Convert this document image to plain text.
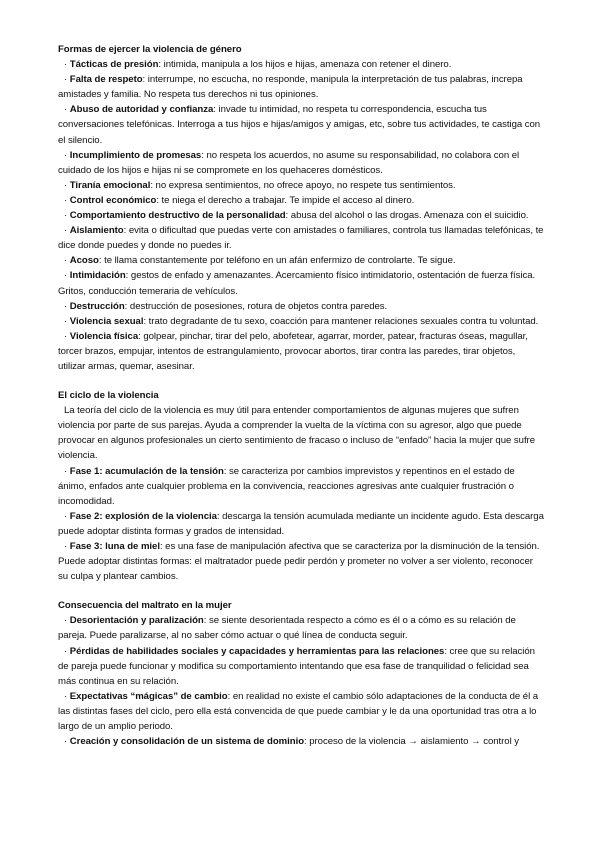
Formas de ejercer la violencia de género

· Tácticas de presión: intimida, manipula a los hijos e hijas, amenaza con retener el dinero.

· Falta de respeto: interrumpe, no escucha, no responde, manipula la interpretación de tus palabras, increpa amistades y familia. No respeta tus derechos ni tus opiniones.

· Abuso de autoridad y confianza: invade tu intimidad, no respeta tu correspondencia, escucha tus conversaciones telefónicas. Interroga a tus hijos e hijas/amigos y amigas, etc, sobre tus actividades, te castiga con el silencio.

· Incumplimiento de promesas: no respeta los acuerdos, no asume su responsabilidad, no colabora con el cuidado de los hijos e hijas ni se compromete en los quehaceres domésticos.

· Tiranía emocional: no expresa sentimientos, no ofrece apoyo, no respete tus sentimientos.

· Control económico: te niega el derecho a trabajar. Te impide el acceso al dinero.

· Comportamiento destructivo de la personalidad: abusa del alcohol o las drogas. Amenaza con el suicidio.

· Aislamiento: evita o dificultad que puedas verte con amistades o familiares, controla tus llamadas telefónicas, te dice donde puedes y donde no puedes ir.

· Acoso: te llama constantemente por teléfono en un afán enfermizo de controlarte. Te sigue.

· Intimidación: gestos de enfado y amenazantes. Acercamiento físico intimidatorio, ostentación de fuerza física. Gritos, conducción temeraria de vehículos.

· Destrucción: destrucción de posesiones, rotura de objetos contra paredes.

· Violencia sexual: trato degradante de tu sexo, coacción para mantener relaciones sexuales contra tu voluntad.

· Violencia física: golpear, pinchar, tirar del pelo, abofetear, agarrar, morder, patear, fracturas óseas, magullar, torcer brazos, empujar, intentos de estrangulamiento, provocar abortos, tirar contra las paredes, tirar objetos, utilizar armas, quemar, asesinar.

El ciclo de la violencia

La teoría del ciclo de la violencia es muy útil para entender comportamientos de algunas mujeres que sufren violencia por parte de sus parejas. Ayuda a comprender la vuelta de la víctima con su agresor, algo que puede provocar en algunos profesionales un cierto sentimiento de fracaso o incluso de “enfado” hacia la mujer que sufre violencia.

· Fase 1: acumulación de la tensión: se caracteriza por cambios imprevistos y repentinos en el estado de ánimo, enfados ante cualquier problema en la convivencia, reacciones agresivas ante cualquier frustración o incomodidad.

· Fase 2: explosión de la violencia: descarga la tensión acumulada mediante un incidente agudo. Esta descarga puede adoptar distinta formas y grados de intensidad.

· Fase 3: luna de miel: es una fase de manipulación afectiva que se caracteriza por la disminución de la tensión. Puede adoptar distintas formas: el maltratador puede pedir perdón y prometer no volver a ser violento, reconocer su culpa y plantear cambios.

Consecuencia del maltrato en la mujer

· Desorientación y paralización: se siente desorientada respecto a cómo es él o a cómo es su relación de pareja. Puede paralizarse, al no saber cómo actuar o qué línea de conducta seguir.

· Pérdidas de habilidades sociales y capacidades y herramientas para las relaciones: cree que su relación de pareja puede funcionar y modifica su comportamiento intentando que esa fase de tranquilidad o felicidad sea más continua en su relación.

· Expectativas “mágicas” de cambio: en realidad no existe el cambio sólo adaptaciones de la conducta de él a las distintas fases del ciclo, pero ella está convencida de que puede cambiar y le da una oportunidad tras otra a lo largo de un amplio periodo.

· Creación y consolidación de un sistema de dominio: proceso de la violencia → aislamiento → control y
